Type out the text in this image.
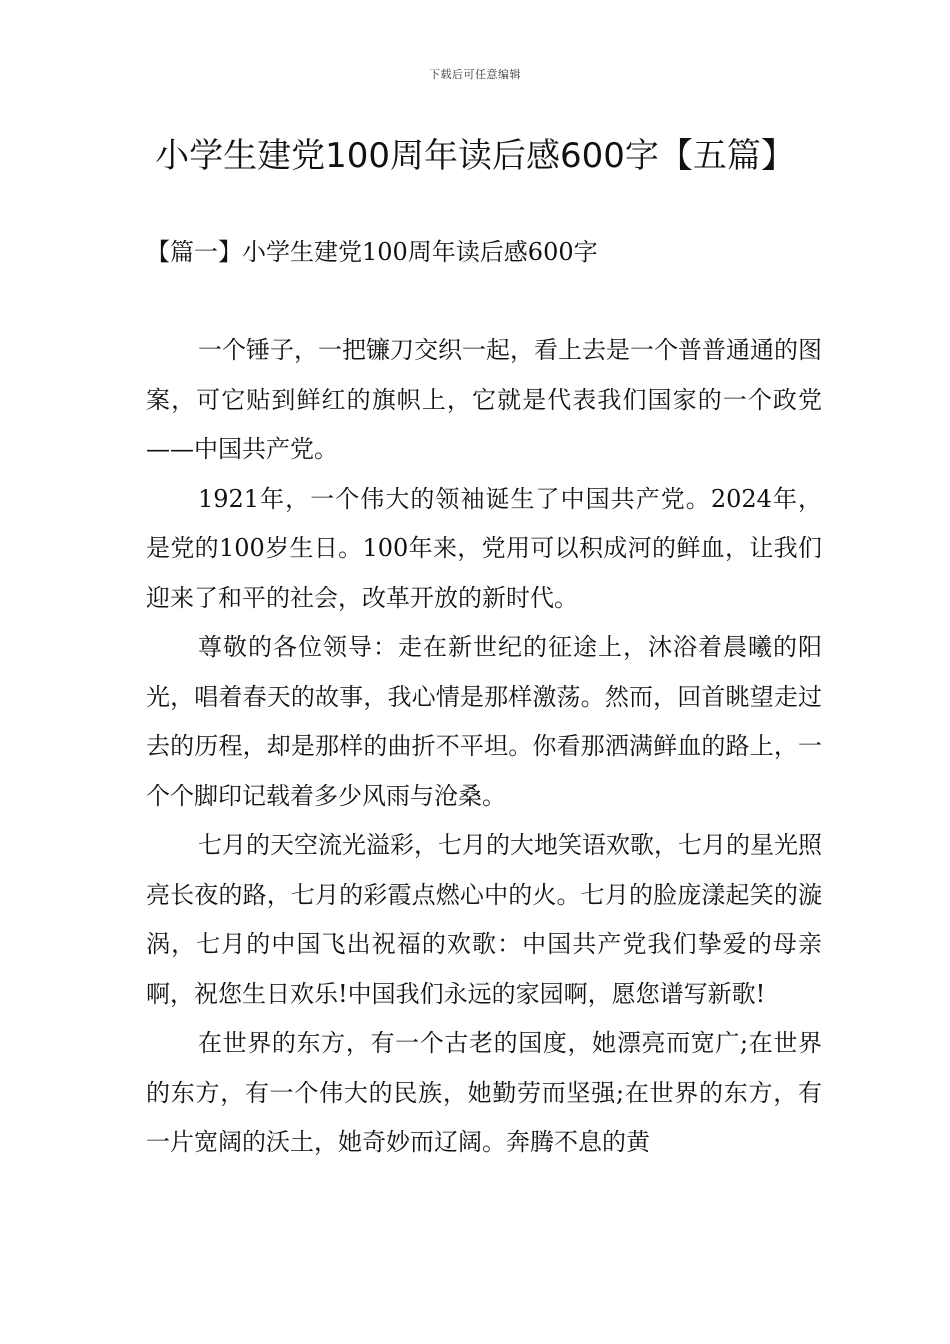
下载后可任意编辑
小学生建党100周年读后感600字【五篇】
【篇一】小学生建党100周年读后感600字

一个锤子，一把镰刀交织一起，看上去是一个普普通通的图案，可它贴到鲜红的旗帜上，它就是代表我们国家的一个政党——中国共产党。

1921年，一个伟大的领袖诞生了中国共产党。2024年，是党的100岁生日。100年来，党用可以积成河的鲜血，让我们迎来了和平的社会，改革开放的新时代。

尊敬的各位领导：走在新世纪的征途上，沐浴着晨曦的阳光，唱着春天的故事，我心情是那样激荡。然而，回首眺望走过去的历程，却是那样的曲折不平坦。你看那洒满鲜血的路上，一个个脚印记载着多少风雨与沧桑。

七月的天空流光溢彩，七月的大地笑语欢歌，七月的星光照亮长夜的路，七月的彩霞点燃心中的火。七月的脸庞漾起笑的漩涡，七月的中国飞出祝福的欢歌：中国共产党我们挚爱的母亲啊，祝您生日欢乐!中国我们永远的家园啊，愿您谱写新歌!

在世界的东方，有一个古老的国度，她漂亮而宽广;在世界的东方，有一个伟大的民族，她勤劳而坚强;在世界的东方，有一片宽阔的沃土，她奇妙而辽阔。奔腾不息的黄
